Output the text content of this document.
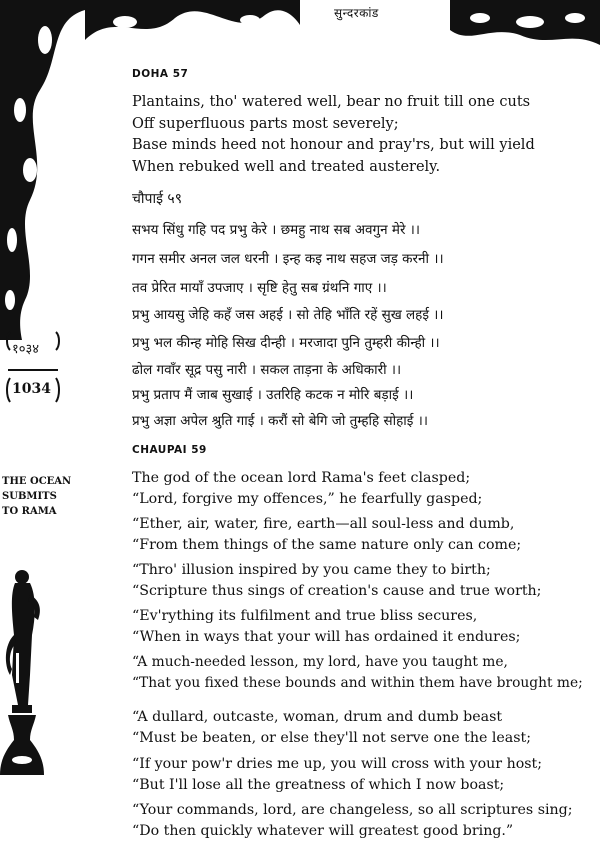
सुन्दरकांड
DOHA 57
Plantains, tho' watered well, bear no fruit till one cuts
Off superfluous parts most severely;
Base minds heed not honour and pray'rs, but will yield
When rebuked well and treated austerely.
चौपाई ५९
सभय सिंधु गहि पद प्रभु केरे । छमहु नाथ सब अवगुन मेरे ।।
गगन समीर अनल जल धरनी । इन्ह कइ नाथ सहज जड़ करनी ।।
तव प्रेरित मायाँ उपजाए । सृष्टि हेतु सब ग्रंथनि गाए ।।
प्रभु आयसु जेहि कहँ जस अहई । सो तेहि भाँति रहें सुख लहई ।।
प्रभु भल कीन्ह मोहि सिख दीन्ही । मरजादा पुनि तुम्हरी कीन्ही ।।
ढोल गवाँर सूद्र पसु नारी । सकल ताड़ना के अधिकारी ।।
प्रभु प्रताप मैं जाब सुखाई । उतरिहि कटक न मोरि बड़ाई ।।
प्रभु अज्ञा अपेल श्रुति गाई । करौं सो बेगि जो तुम्हहि सोहाई ।।
१०३४
1034
CHAUPAI 59
THE OCEAN
SUBMITS
TO RAMA
The god of the ocean lord Rama's feet clasped;
“Lord, forgive my offences,” he fearfully gasped;
“Ether, air, water, fire, earth—all soul-less and dumb,
“From them things of the same nature only can come;
“Thro' illusion inspired by you came they to birth;
“Scripture thus sings of creation's cause and true worth;
“Ev'rything its fulfilment and true bliss secures,
“When in ways that your will has ordained it endures;
“A much-needed lesson, my lord, have you taught me,
“That you fixed these bounds and within them have brought me;
“A dullard, outcaste, woman, drum and dumb beast
“Must be beaten, or else they'll not serve one the least;
“If your pow'r dries me up, you will cross with your host;
“But I'll lose all the greatness of which I now boast;
“Your commands, lord, are changeless, so all scriptures sing;
“Do then quickly whatever will greatest good bring.”
